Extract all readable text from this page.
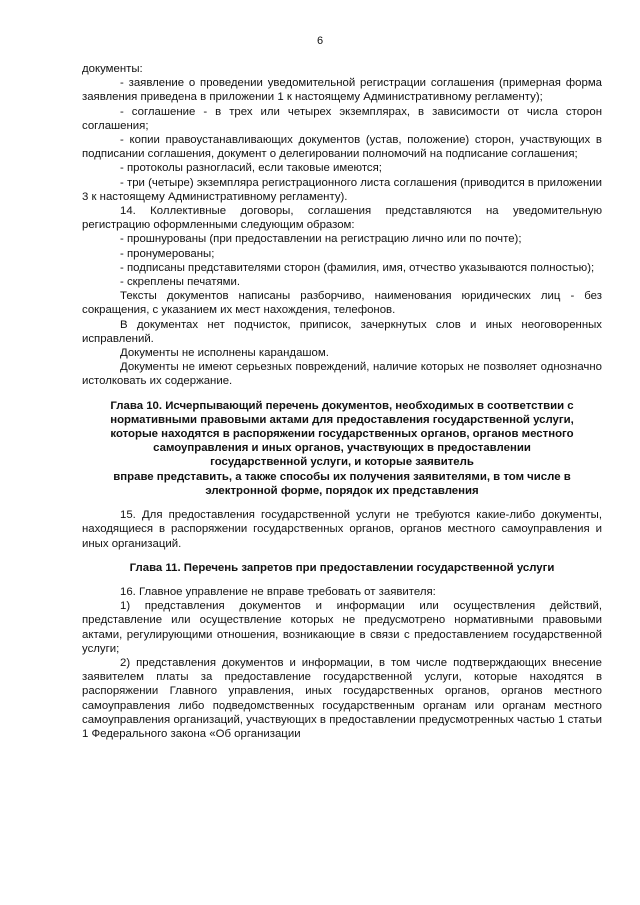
6

документы:

- заявление о проведении уведомительной регистрации соглашения (примерная форма заявления приведена в приложении 1 к настоящему Административному регламенту);

- соглашение - в трех или четырех экземплярах, в зависимости от числа сторон соглашения;

- копии правоустанавливающих документов (устав, положение) сторон, участвующих в подписании соглашения, документ о делегировании полномочий на подписание соглашения;

- протоколы разногласий, если таковые имеются;

- три (четыре) экземпляра регистрационного листа соглашения (приводится в приложении 3 к настоящему Административному регламенту).

14. Коллективные договоры, соглашения представляются на уведомительную регистрацию оформленными следующим образом:

- прошнурованы (при предоставлении на регистрацию лично или по почте);

- пронумерованы;

- подписаны представителями сторон (фамилия, имя, отчество указываются полностью);

- скреплены печатями.

Тексты документов написаны разборчиво, наименования юридических лиц - без сокращения, с указанием их мест нахождения, телефонов.

В документах нет подчисток, приписок, зачеркнутых слов и иных неоговоренных исправлений.

Документы не исполнены карандашом.

Документы не имеют серьезных повреждений, наличие которых не позволяет однозначно истолковать их содержание.

Глава 10. Исчерпывающий перечень документов, необходимых в соответствии с
нормативными правовыми актами для предоставления государственной услуги,
которые находятся в распоряжении государственных органов, органов местного
самоуправления и иных органов, участвующих в предоставлении
государственной услуги, и которые заявитель
вправе представить, а также способы их получения заявителями, в том числе в
электронной форме, порядок их представления

15. Для предоставления государственной услуги не требуются какие-либо документы, находящиеся в распоряжении государственных органов, органов местного самоуправления и иных организаций.

Глава 11. Перечень запретов при предоставлении государственной услуги

16. Главное управление не вправе требовать от заявителя:

1) представления документов и информации или осуществления действий, представление или осуществление которых не предусмотрено нормативными правовыми актами, регулирующими отношения, возникающие в связи с предоставлением государственной услуги;

2) представления документов и информации, в том числе подтверждающих внесение заявителем платы за предоставление государственной услуги, которые находятся в распоряжении Главного управления, иных государственных органов, органов местного самоуправления либо подведомственных государственным органам или органам местного самоуправления организаций, участвующих в предоставлении предусмотренных частью 1 статьи 1 Федерального закона «Об организации
